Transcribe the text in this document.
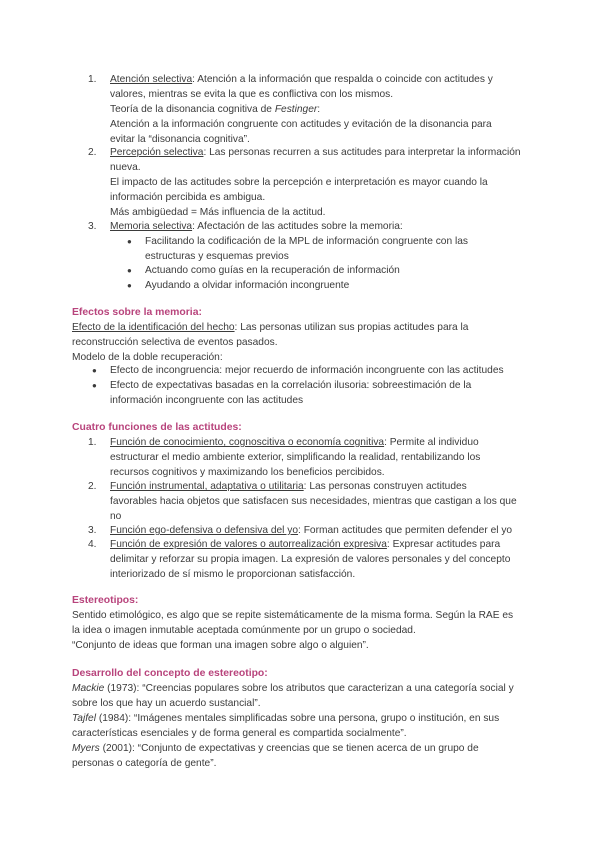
1. Atención selectiva: Atención a la información que respalda o coincide con actitudes y
valores, mientras se evita la que es conflictiva con los mismos.
Teoría de la disonancia cognitiva de Festinger:
Atención a la información congruente con actitudes y evitación de la disonancia para
evitar la “disonancia cognitiva”.
2. Percepción selectiva: Las personas recurren a sus actitudes para interpretar la información
nueva.
El impacto de las actitudes sobre la percepción e interpretación es mayor cuando la
información percibida es ambigua.
Más ambigüedad = Más influencia de la actitud.
3. Memoria selectiva: Afectación de las actitudes sobre la memoria:
● Facilitando la codificación de la MPL de información congruente con las
estructuras y esquemas previos
● Actuando como guías en la recuperación de información
● Ayudando a olvidar información incongruente
Efectos sobre la memoria:
Efecto de la identificación del hecho: Las personas utilizan sus propias actitudes para la
reconstrucción selectiva de eventos pasados.
Modelo de la doble recuperación:
● Efecto de incongruencia: mejor recuerdo de información incongruente con las actitudes
● Efecto de expectativas basadas en la correlación ilusoria: sobreestimación de la
información incongruente con las actitudes
Cuatro funciones de las actitudes:
1. Función de conocimiento, cognoscitiva o economía cognitiva: Permite al individuo
estructurar el medio ambiente exterior, simplificando la realidad, rentabilizando los
recursos cognitivos y maximizando los beneficios percibidos.
2. Función instrumental, adaptativa o utilitaria: Las personas construyen actitudes
favorables hacia objetos que satisfacen sus necesidades, mientras que castigan a los que
no
3. Función ego-defensiva o defensiva del yo: Forman actitudes que permiten defender el yo
4. Función de expresión de valores o autorrealización expresiva: Expresar actitudes para
delimitar y reforzar su propia imagen. La expresión de valores personales y del concepto
interiorizado de sí mismo le proporcionan satisfacción.
Estereotipos:
Sentido etimológico, es algo que se repite sistemáticamente de la misma forma. Según la RAE es
la idea o imagen inmutable aceptada comúnmente por un grupo o sociedad.
“Conjunto de ideas que forman una imagen sobre algo o alguien”.
Desarrollo del concepto de estereotipo:
Mackie (1973): “Creencias populares sobre los atributos que caracterizan a una categoría social y
sobre los que hay un acuerdo sustancial”.
Tajfel (1984): “Imágenes mentales simplificadas sobre una persona, grupo o institución, en sus
características esenciales y de forma general es compartida socialmente”.
Myers (2001): “Conjunto de expectativas y creencias que se tienen acerca de un grupo de
personas o categoría de gente”.
